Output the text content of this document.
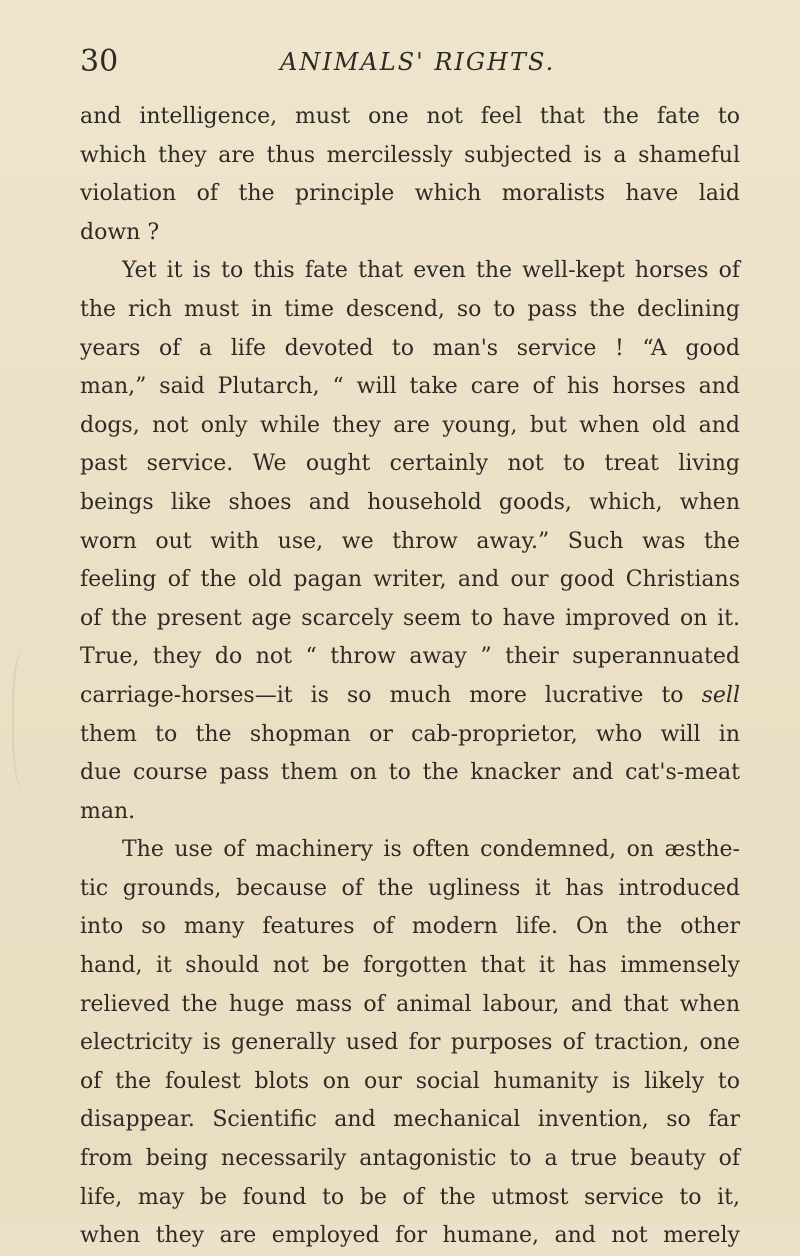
30	ANIMALS' RIGHTS.
and intelligence, must one not feel that the fate to
which they are thus mercilessly subjected is a shameful
violation of the principle which moralists have laid
down ?
Yet it is to this fate that even the well-kept horses of
the rich must in time descend, so to pass the declining
years of a life devoted to man's service ! “A good
man,” said Plutarch, “ will take care of his horses and
dogs, not only while they are young, but when old and
past service. We ought certainly not to treat living
beings like shoes and household goods, which, when
worn out with use, we throw away.” Such was the
feeling of the old pagan writer, and our good Christians
of the present age scarcely seem to have improved on it.
True, they do not “ throw away ” their superannuated
carriage-horses—it is so much more lucrative to sell
them to the shopman or cab-proprietor, who will in
due course pass them on to the knacker and cat's-meat
man.
The use of machinery is often condemned, on æsthe-
tic grounds, because of the ugliness it has introduced
into so many features of modern life. On the other
hand, it should not be forgotten that it has immensely
relieved the huge mass of animal labour, and that when
electricity is generally used for purposes of traction, one
of the foulest blots on our social humanity is likely to
disappear. Scientific and mechanical invention, so far
from being necessarily antagonistic to a true beauty of
life, may be found to be of the utmost service to it,
when they are employed for humane, and not merely
